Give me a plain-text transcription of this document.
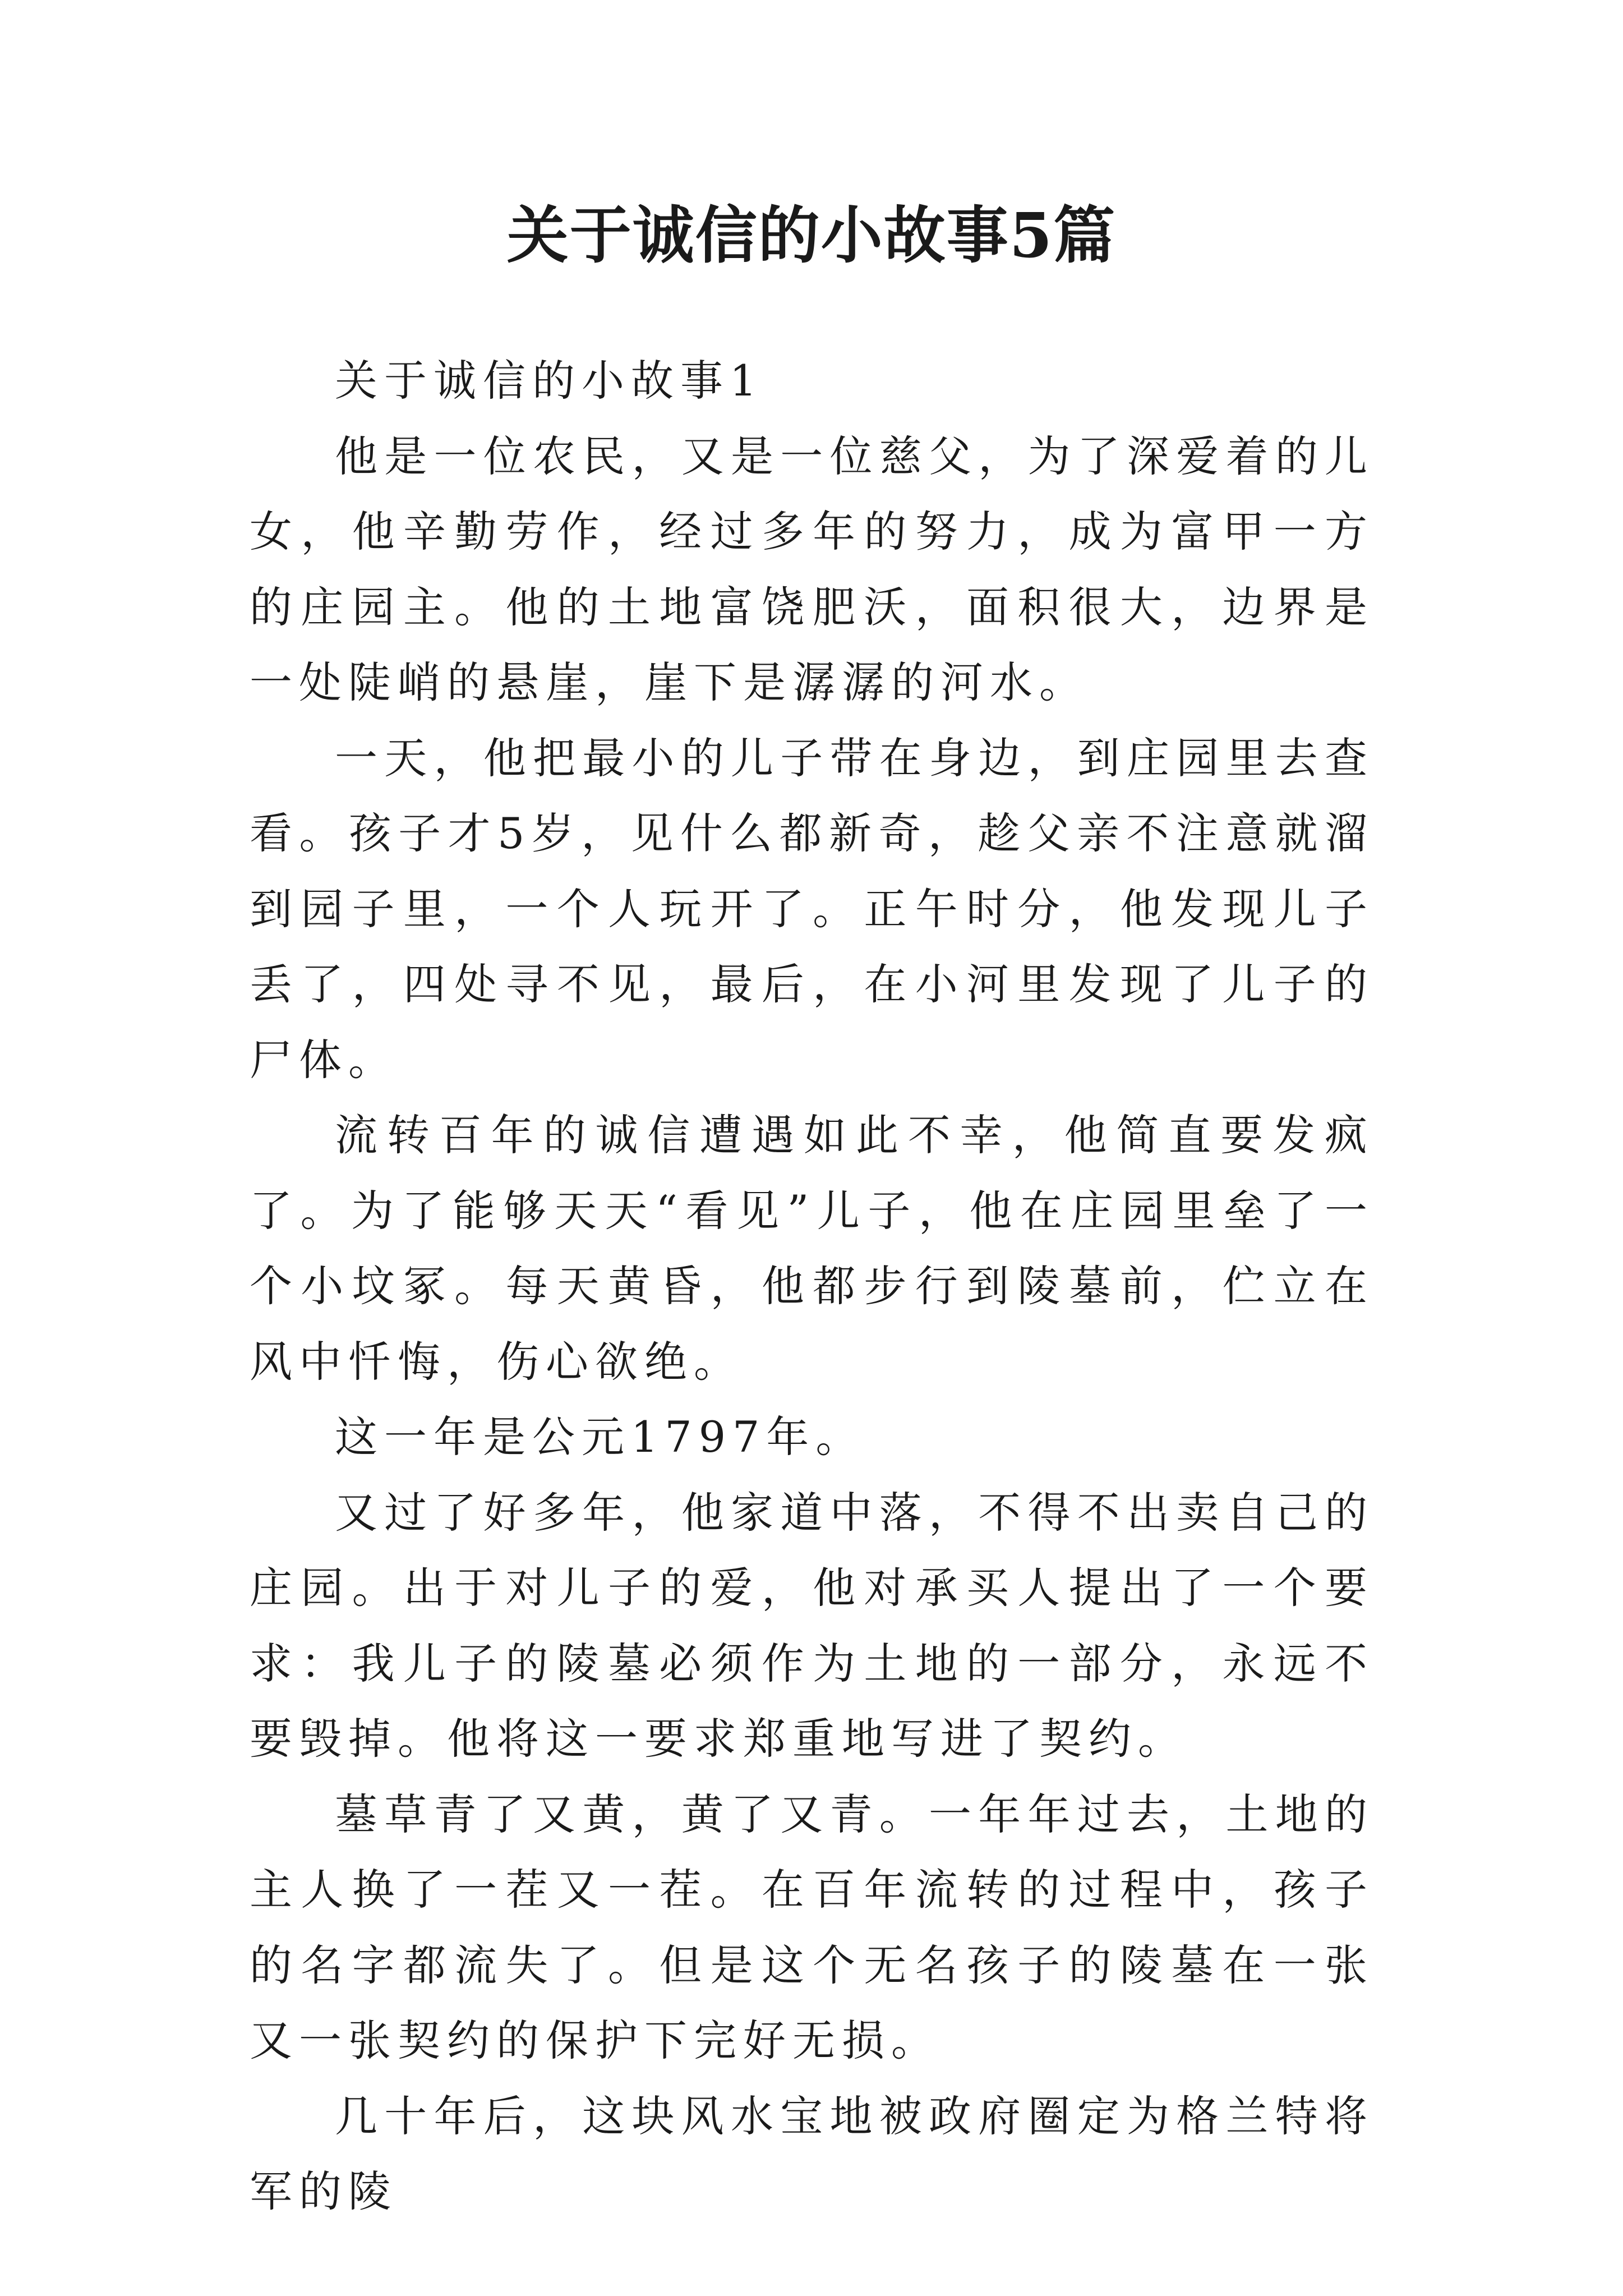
关于诚信的小故事5篇

关于诚信的小故事1

他是一位农民，又是一位慈父，为了深爱着的儿女，他辛勤劳作，经过多年的努力，成为富甲一方的庄园主。他的土地富饶肥沃，面积很大，边界是一处陡峭的悬崖，崖下是潺潺的河水。

一天，他把最小的儿子带在身边，到庄园里去查看。孩子才5岁，见什么都新奇，趁父亲不注意就溜到园子里，一个人玩开了。正午时分，他发现儿子丢了，四处寻不见，最后，在小河里发现了儿子的尸体。

流转百年的诚信遭遇如此不幸，他简直要发疯了。为了能够天天“看见”儿子，他在庄园里垒了一个小坟冢。每天黄昏，他都步行到陵墓前，伫立在风中忏悔，伤心欲绝。

这一年是公元1797年。

又过了好多年，他家道中落，不得不出卖自己的庄园。出于对儿子的爱，他对承买人提出了一个要求：我儿子的陵墓必须作为土地的一部分，永远不要毁掉。他将这一要求郑重地写进了契约。

墓草青了又黄，黄了又青。一年年过去，土地的主人换了一茬又一茬。在百年流转的过程中，孩子的名字都流失了。但是这个无名孩子的陵墓在一张又一张契约的保护下完好无损。

几十年后，这块风水宝地被政府圈定为格兰特将军的陵
